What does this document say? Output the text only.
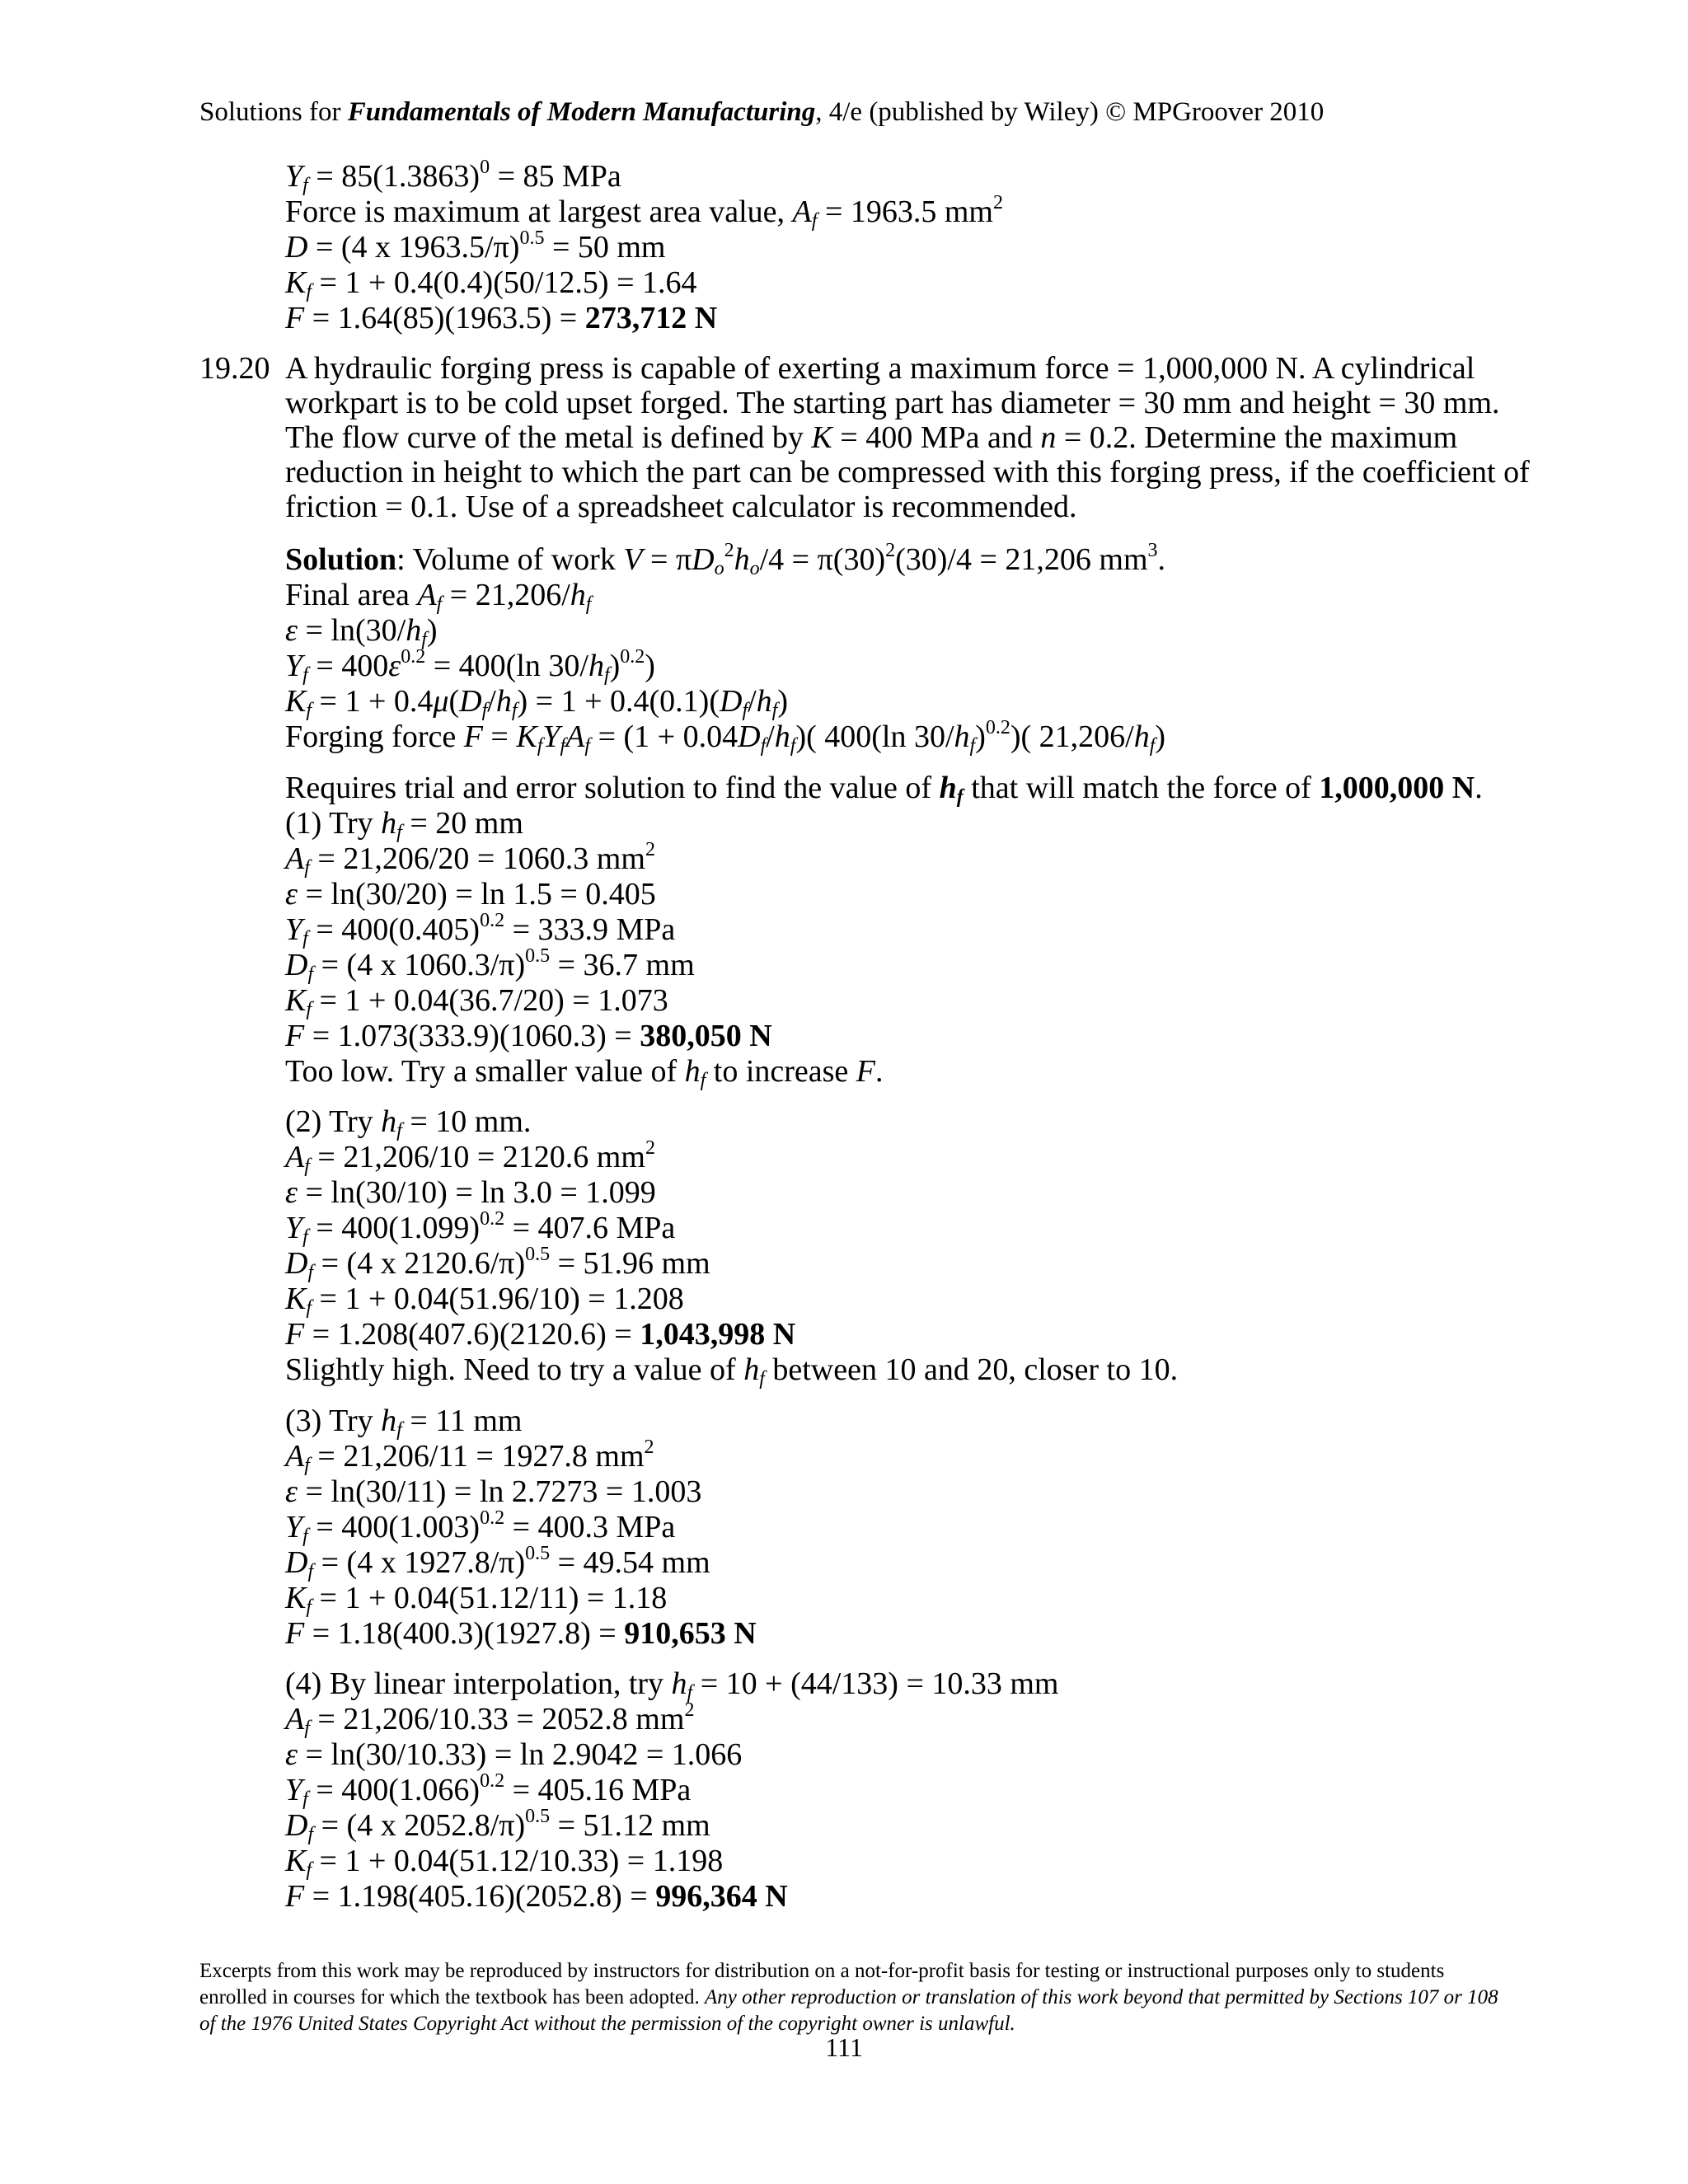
Solutions for Fundamentals of Modern Manufacturing, 4/e (published by Wiley) © MPGroover 2010
$Y_f = 85(1.3863)^0 = 85$ MPa
Force is maximum at largest area value, $A_f = 1963.5$ $mm^2$
D = (4 x 1963.5/π)$^{0.5}$ = 50 mm
$K_f = 1 + 0.4(0.4)(50/12.5) = 1.64$
F = 1.64(85)(1963.5) = 273,712 N
19.20 A hydraulic forging press is capable of exerting a maximum force = 1,000,000 N. A cylindrical
workpart is to be cold upset forged. The starting part has diameter = 30 mm and height = 30 mm.
The flow curve of the metal is defined by K = 400 MPa and n = 0.2. Determine the maximum
reduction in height to which the part can be compressed with this forging press, if the coefficient of
friction = 0.1. Use of a spreadsheet calculator is recommended.
Solution: Volume of work $V = \pi D_o^2h_o/4 = \pi(30)^2(30)/4 = 21,206$ $mm^3$.
Final area $A_f = 21,206/h_f$
$\varepsilon = \ln(30/h_f)$
$Y_f = 400\varepsilon^{0.2} = 400(\ln$ $30/h_f)^{0.2}$)
$K_f = 1 + 0.4\mu(D_f/h_f) = 1 + 0.4(0.1)(D_f/h_f)$
Forging force $F = K_fY_fA_f = (1 + 0.04D_f/h_f)$( 400(ln $30/h_f)^{0.2}$)( $21,206/h_f$)
Requires trial and error solution to find the value of $h_f$ that will match the force of 1,000,000 N.
(1) Try $h_f = 20$ mm
$A_f = 21,206/20 = 1060.3$ $mm^2$
ε = ln(30/20) = ln 1.5 = 0.405
$Y_f = 400(0.405)^{0.2} = 333.9$ MPa
$D_f = (4$ x 1060.3/π)$^{0.5}$ = 36.7 mm
$K_f = 1 + 0.04(36.7/20) = 1.073$
F = 1.073(333.9)(1060.3) = 380,050 N
Too low. Try a smaller value of $h_f$ to increase F.
(2) Try $h_f = 10$ mm.
$A_f = 21,206/10 = 2120.6$ $mm^2$
ε = ln(30/10) = ln 3.0 = 1.099
$Y_f = 400(1.099)^{0.2} = 407.6$ MPa
$D_f = (4$ x 2120.6/π)$^{0.5}$ = 51.96 mm
$K_f = 1 + 0.04(51.96/10) = 1.208$
F = 1.208(407.6)(2120.6) = 1,043,998 N
Slightly high. Need to try a value of $h_f$ between 10 and 20, closer to 10.
(3) Try $h_f = 11$ mm
$A_f = 21,206/11 = 1927.8$ $mm^2$
ε = ln(30/11) = ln 2.7273 = 1.003
$Y_f = 400(1.003)^{0.2} = 400.3$ MPa
$D_f = (4$ x 1927.8/π)$^{0.5}$ = 49.54 mm
$K_f = 1 + 0.04(51.12/11) = 1.18$
F = 1.18(400.3)(1927.8) = 910,653 N
(4) By linear interpolation, try $h_f = 10 + (44/133) = 10.33$ mm
$A_f = 21,206/10.33 = 2052.8$ $mm^2$
ε = ln(30/10.33) = ln 2.9042 = 1.066
$Y_f = 400(1.066)^{0.2} = 405.16$ MPa
$D_f = (4$ x 2052.8/π)$^{0.5}$ = 51.12 mm
$K_f = 1 + 0.04(51.12/10.33) = 1.198$
F = 1.198(405.16)(2052.8) = 996,364 N

Excerpts from this work may be reproduced by instructors for distribution on a not-for-profit basis for testing or instructional purposes only to students enrolled in courses for which the textbook has been adopted. Any other reproduction or translation of this work beyond that permitted by Sections 107 or 108 of the 1976 United States Copyright Act without the permission of the copyright owner is unlawful.

111
